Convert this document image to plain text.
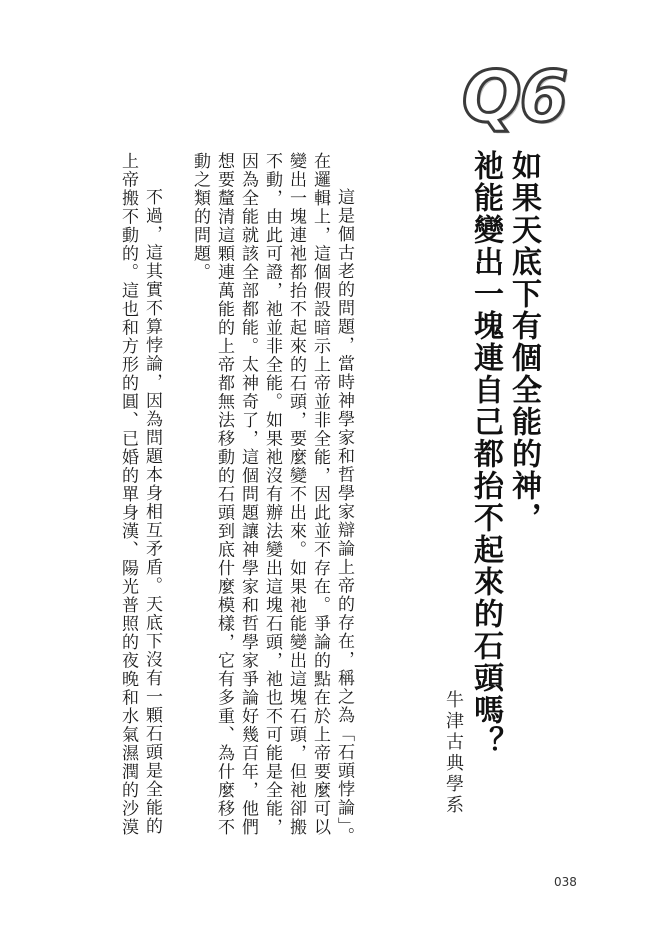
Q6
如果天底下有個全能的神，
祂能變出一塊連自己都抬不起來的石頭嗎？
牛津古典學系
這是個古老的問題，當時神學家和哲學家辯論上帝的存在，稱之為「石頭悖論」。
在邏輯上，這個假設暗示上帝並非全能，因此並不存在。爭論的點在於上帝要麼可以
變出一塊連祂都抬不起來的石頭，要麼變不出來。如果祂能變出這塊石頭，但祂卻搬
不動，由此可證，祂並非全能。如果祂沒有辦法變出這塊石頭，祂也不可能是全能，
因為全能就該全部都能。太神奇了，這個問題讓神學家和哲學家爭論好幾百年，他們
想要釐清這顆連萬能的上帝都無法移動的石頭到底什麼模樣，它有多重、為什麼移不
動之類的問題。
不過，這其實不算悖論，因為問題本身相互矛盾。天底下沒有一顆石頭是全能的
上帝搬不動的。這也和方形的圓、已婚的單身漢、陽光普照的夜晚和水氣濕潤的沙漠
038
